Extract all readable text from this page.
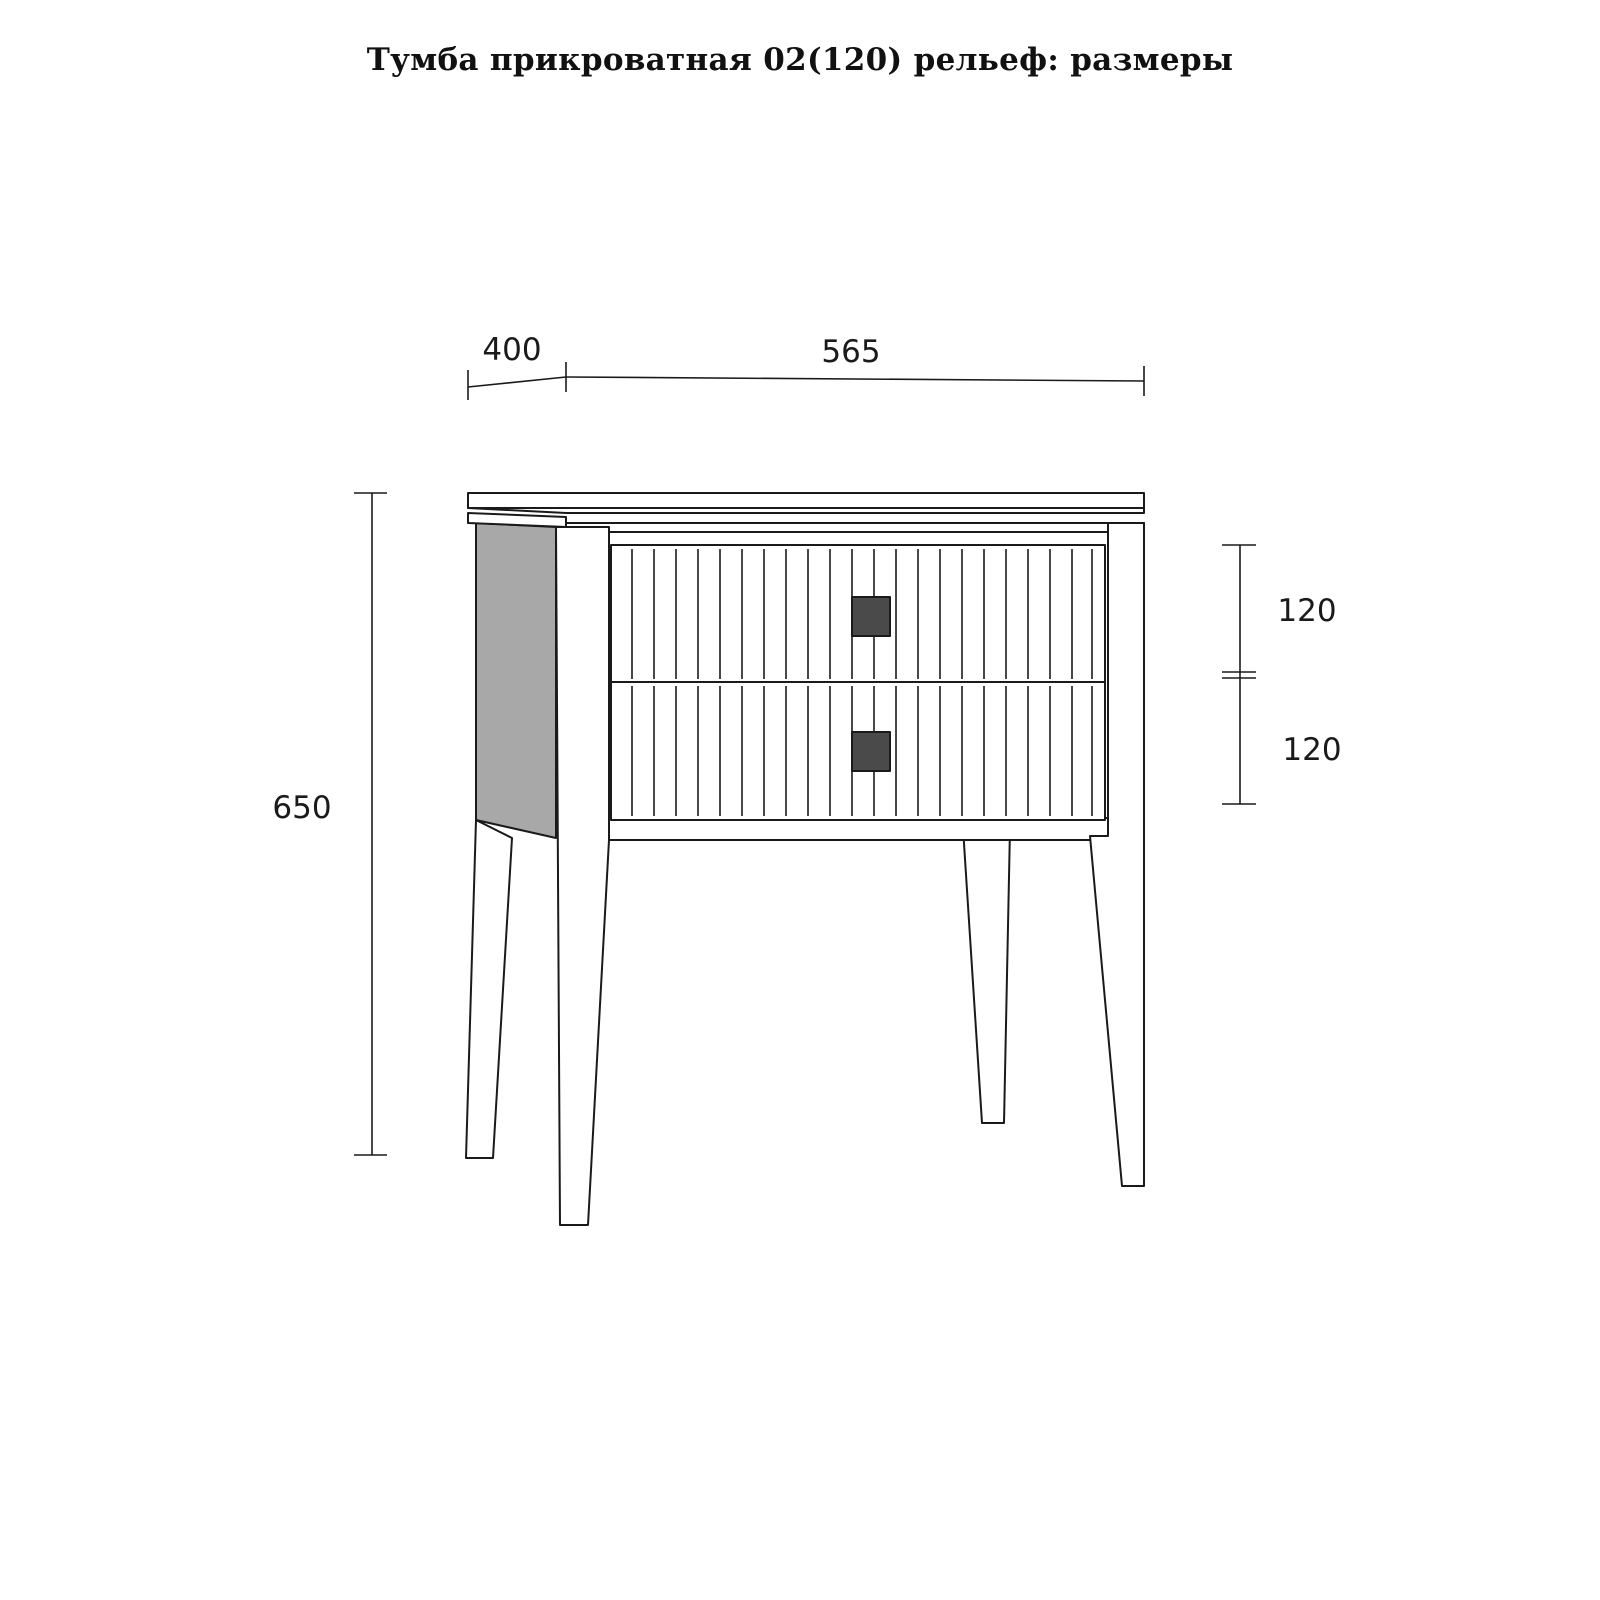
Тумба прикроватная 02(120) рельеф: размеры
400	565
650
120
120
